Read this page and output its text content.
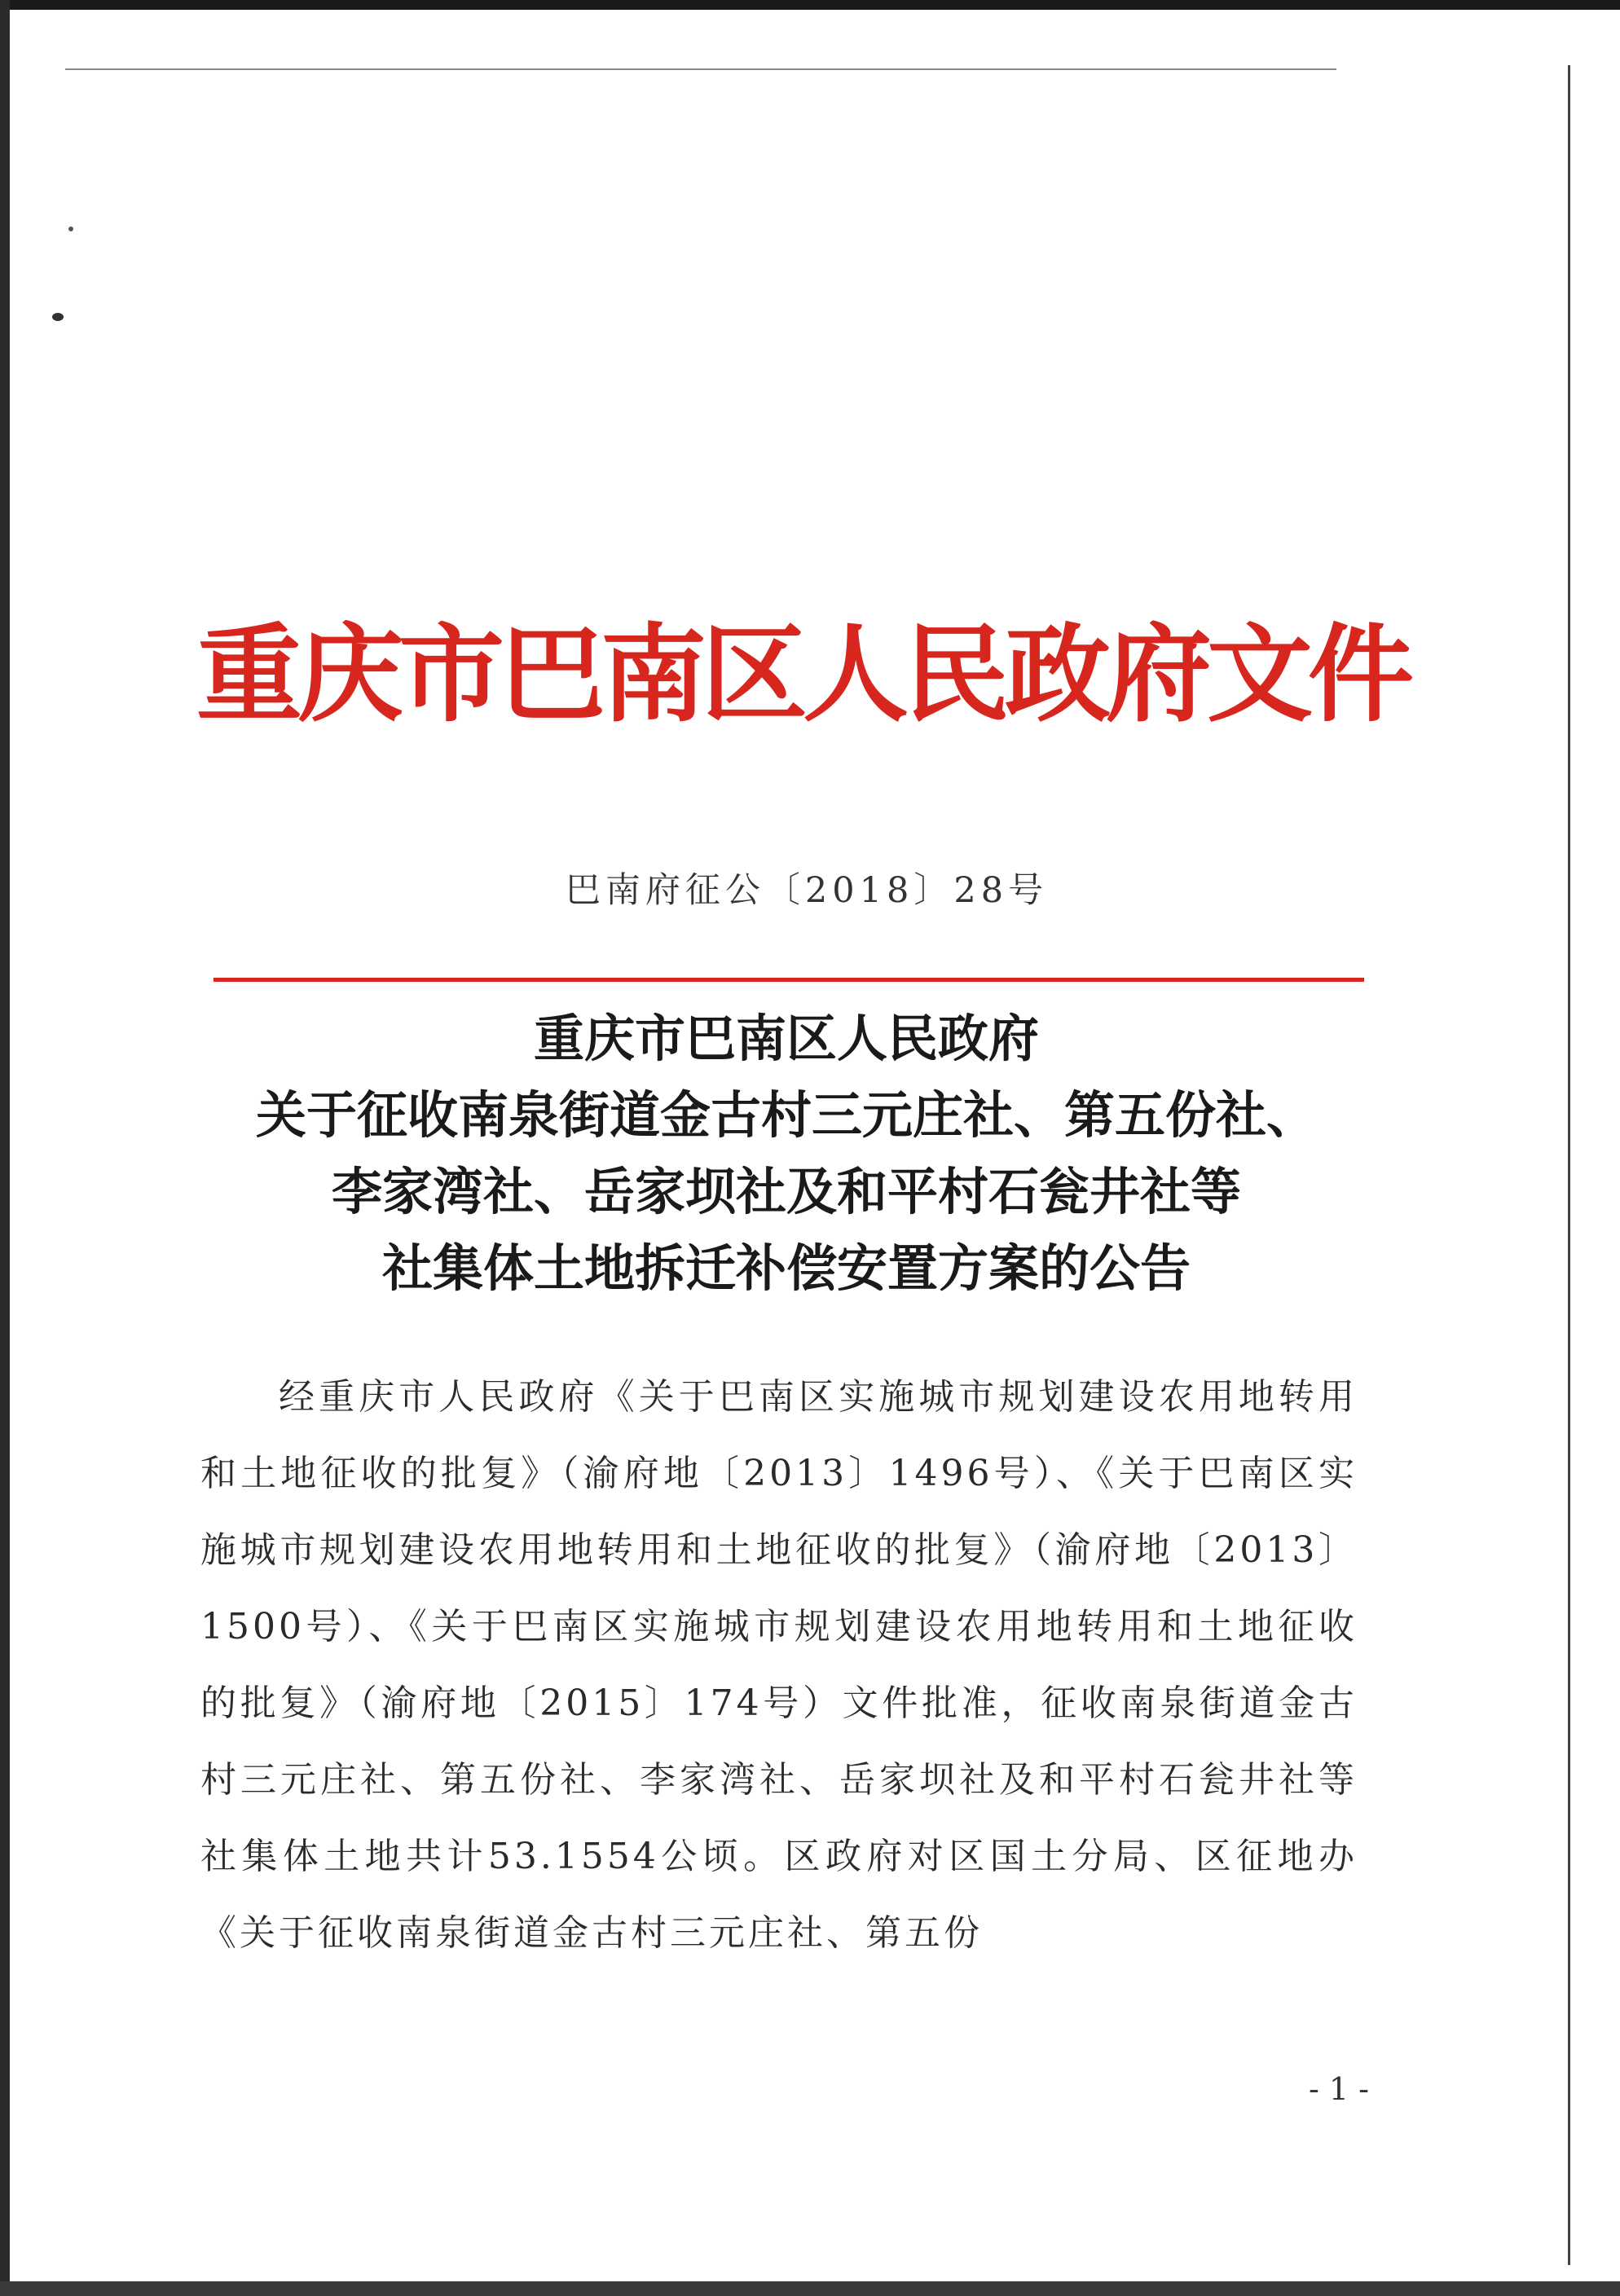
重庆市巴南区人民政府文件
巴南府征公〔2018〕28号
重庆市巴南区人民政府
关于征收南泉街道金古村三元庄社、第五份社、
李家湾社、岳家坝社及和平村石瓮井社等
社集体土地拆迁补偿安置方案的公告
经重庆市人民政府《关于巴南区实施城市规划建设农用地转用和土地征收的批复》（渝府地〔2013〕1496号）、《关于巴南区实施城市规划建设农用地转用和土地征收的批复》（渝府地〔2013〕1500号）、《关于巴南区实施城市规划建设农用地转用和土地征收的批复》（渝府地〔2015〕174号）文件批准，征收南泉街道金古村三元庄社、第五份社、李家湾社、岳家坝社及和平村石瓮井社等社集体土地共计53.1554公顷。区政府对区国土分局、区征地办《关于征收南泉街道金古村三元庄社、第五份
- 1 -
